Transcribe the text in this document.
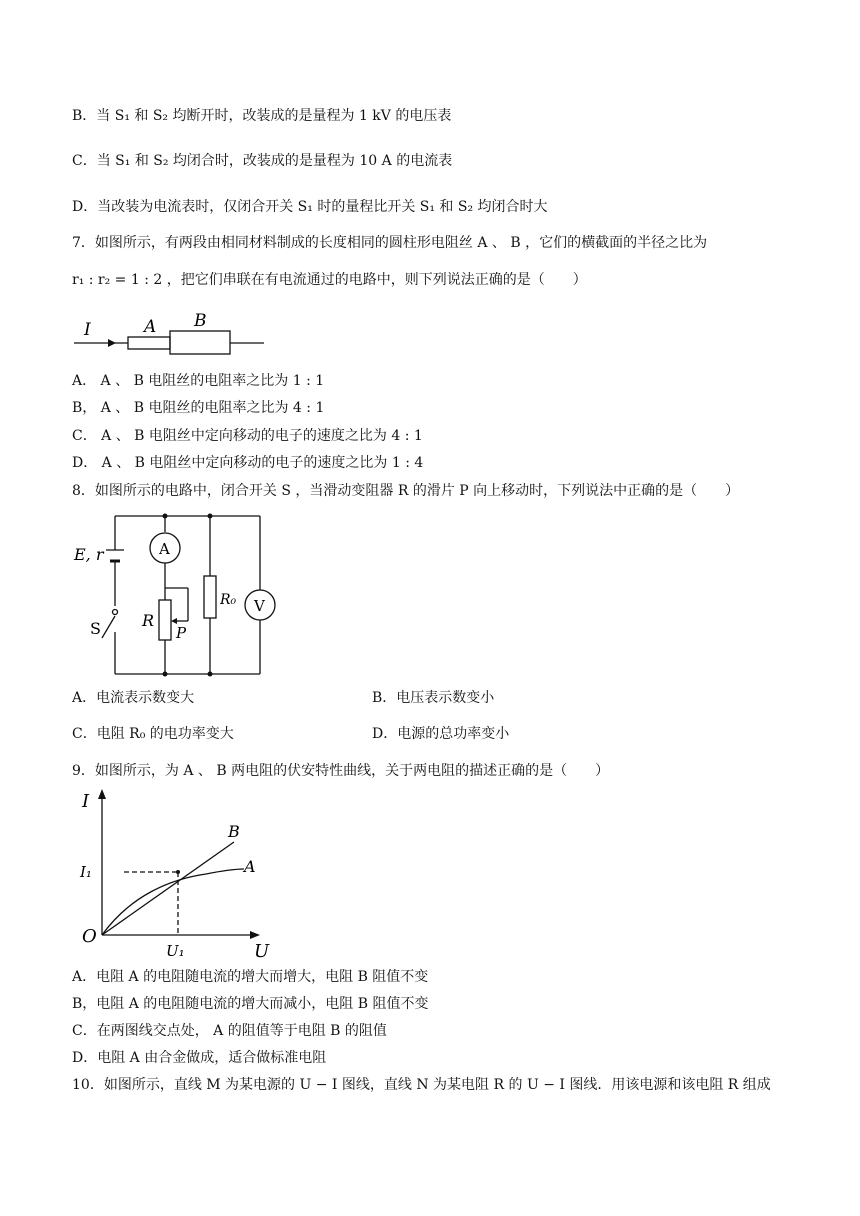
B．当 S₁ 和 S₂ 均断开时，改装成的是量程为 1 kV 的电压表
C．当 S₁ 和 S₂ 均闭合时，改装成的是量程为 10 A 的电流表
D．当改装为电流表时，仅闭合开关 S₁ 时的量程比开关 S₁ 和 S₂ 均闭合时大
7．如图所示，有两段由相同材料制成的长度相同的圆柱形电阻丝 A 、 B ，它们的横截面的半径之比为
r₁ : r₂ = 1 : 2 ，把它们串联在有电流通过的电路中，则下列说法正确的是（　　）
I	A B
A． A 、 B 电阻丝的电阻率之比为 1 : 1
B， A 、 B 电阻丝的电阻率之比为 4 : 1
C． A 、 B 电阻丝中定向移动的电子的速度之比为 4 : 1
D． A 、 B 电阻丝中定向移动的电子的速度之比为 1 : 4
8．如图所示的电路中，闭合开关 S ，当滑动变阻器 R 的滑片 P 向上移动时，下列说法中正确的是（　　）
E, r
S
A
V
R
P
R₀
A．电流表示数变大	B．电压表示数变小
C．电阻 R₀ 的电功率变大	D．电源的总功率变小
9．如图所示，为 A 、 B 两电阻的伏安特性曲线，关于两电阻的描述正确的是（　　）
I
U
O
I₁
U₁
A
B
A．电阻 A 的电阻随电流的增大而增大，电阻 B 阻值不变
B，电阻 A 的电阻随电流的增大而减小，电阻 B 阻值不变
C．在两图线交点处， A 的阻值等于电阻 B 的阻值
D．电阻 A 由合金做成，适合做标准电阻
10．如图所示，直线 M 为某电源的 U − I 图线，直线 N 为某电阻 R 的 U − I 图线．用该电源和该电阻 R 组成
